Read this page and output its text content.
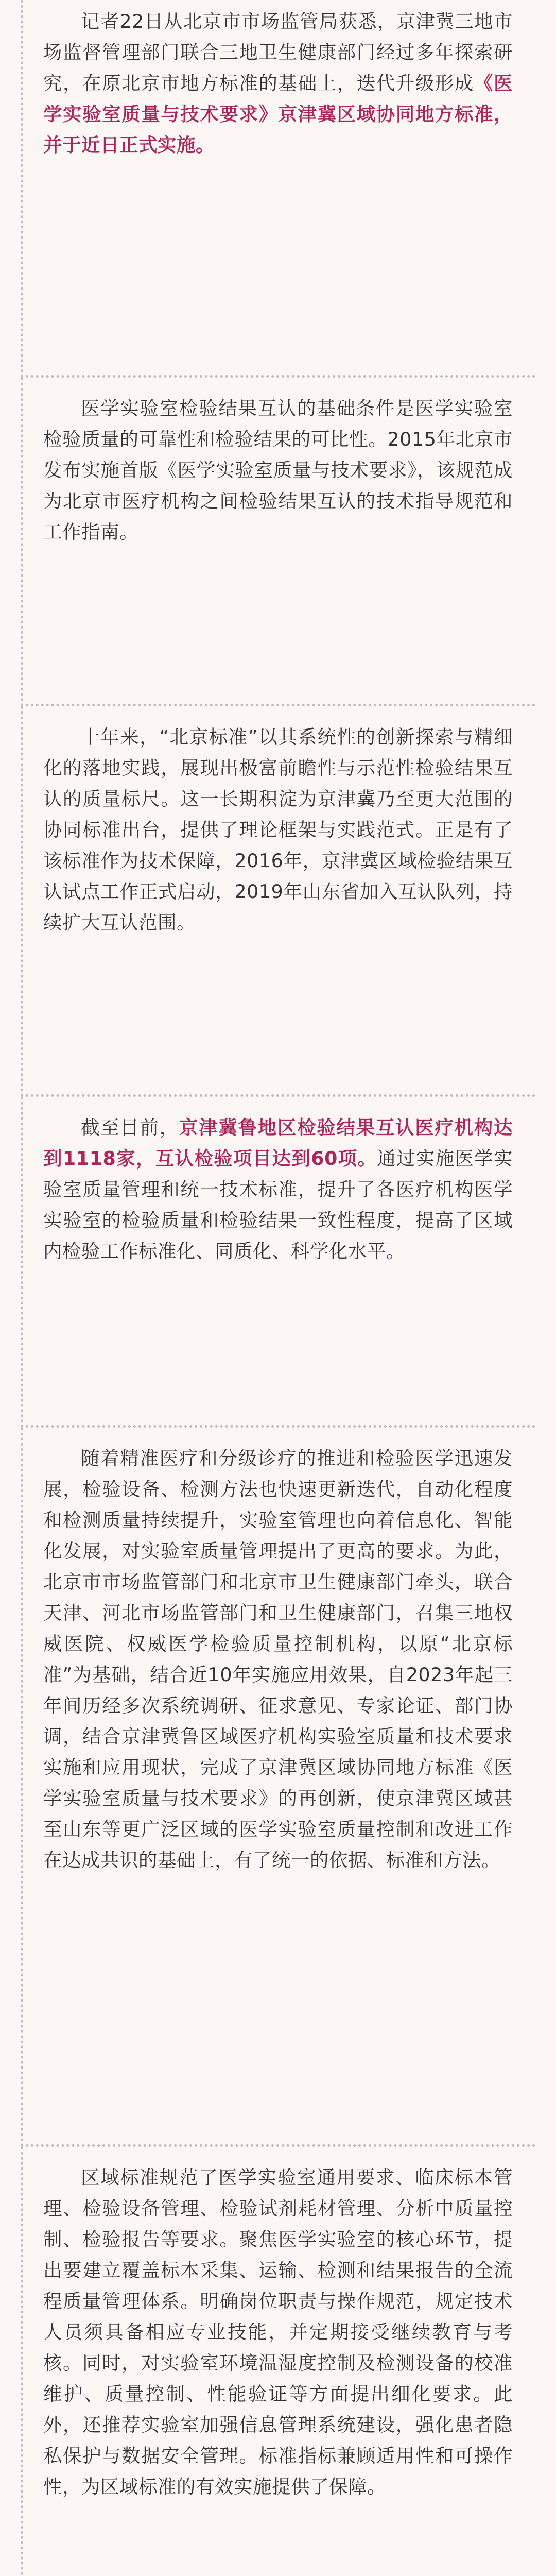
记者22日从北京市市场监管局获悉，京津冀三地市场监督管理部门联合三地卫生健康部门经过多年探索研究，在原北京市地方标准的基础上，迭代升级形成《医学实验室质量与技术要求》京津冀区域协同地方标准，并于近日正式实施。

医学实验室检验结果互认的基础条件是医学实验室检验质量的可靠性和检验结果的可比性。2015年北京市发布实施首版《医学实验室质量与技术要求》，该规范成为北京市医疗机构之间检验结果互认的技术指导规范和工作指南。

十年来，“北京标准”以其系统性的创新探索与精细化的落地实践，展现出极富前瞻性与示范性检验结果互认的质量标尺。这一长期积淀为京津冀乃至更大范围的协同标准出台，提供了理论框架与实践范式。正是有了该标准作为技术保障，2016年，京津冀区域检验结果互认试点工作正式启动，2019年山东省加入互认队列，持续扩大互认范围。

截至目前，京津冀鲁地区检验结果互认医疗机构达到1118家，互认检验项目达到60项。通过实施医学实验室质量管理和统一技术标准，提升了各医疗机构医学实验室的检验质量和检验结果一致性程度，提高了区域内检验工作标准化、同质化、科学化水平。

随着精准医疗和分级诊疗的推进和检验医学迅速发展，检验设备、检测方法也快速更新迭代，自动化程度和检测质量持续提升，实验室管理也向着信息化、智能化发展，对实验室质量管理提出了更高的要求。为此，北京市市场监管部门和北京市卫生健康部门牵头，联合天津、河北市场监管部门和卫生健康部门，召集三地权威医院、权威医学检验质量控制机构，以原“北京标准”为基础，结合近10年实施应用效果，自2023年起三年间历经多次系统调研、征求意见、专家论证、部门协调，结合京津冀鲁区域医疗机构实验室质量和技术要求实施和应用现状，完成了京津冀区域协同地方标准《医学实验室质量与技术要求》的再创新，使京津冀区域甚至山东等更广泛区域的医学实验室质量控制和改进工作在达成共识的基础上，有了统一的依据、标准和方法。

区域标准规范了医学实验室通用要求、临床标本管理、检验设备管理、检验试剂耗材管理、分析中质量控制、检验报告等要求。聚焦医学实验室的核心环节，提出要建立覆盖标本采集、运输、检测和结果报告的全流程质量管理体系。明确岗位职责与操作规范，规定技术人员须具备相应专业技能，并定期接受继续教育与考核。同时，对实验室环境温湿度控制及检测设备的校准维护、质量控制、性能验证等方面提出细化要求。此外，还推荐实验室加强信息管理系统建设，强化患者隐私保护与数据安全管理。标准指标兼顾适用性和可操作性，为区域标准的有效实施提供了保障。
